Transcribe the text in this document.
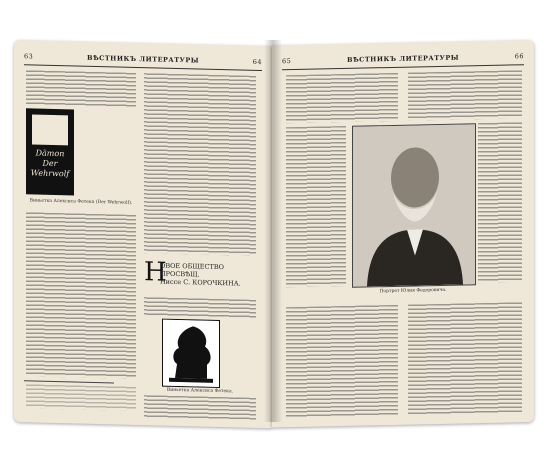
63	ВѢСТНИКЪ ЛИТЕРАТУРЫ	64
Dämon Der Wehrwolf
Виньетка Алексиса Фетека (Der Wehrwolf).
Н
ОВОЕ ОБЩЕСТВО ПРОСВѢЩ.
Ниссе С. КОРОЧКИНА.
Виньетка Алексиса Фетека.
65	ВѢСТНИКЪ ЛИТЕРАТУРЫ	66
Портрет Юлия Федоровича.
